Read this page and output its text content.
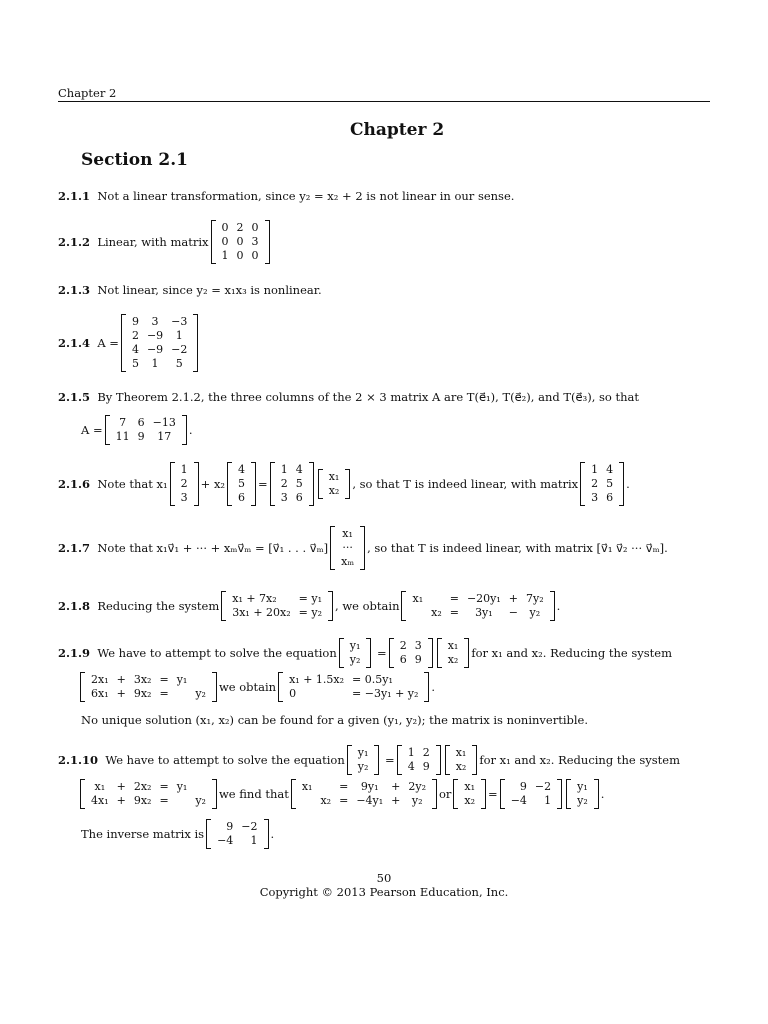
Chapter 2
Chapter 2
Section 2.1
2.1.1
Not a linear transformation, since y₂ = x₂ + 2 is not linear in our sense.
2.1.2
Linear, with matrix
0	2	0
0	0	3
1	0	0
2.1.3
Not linear, since y₂ = x₁x₃ is nonlinear.
2.1.4
A =
9	3	−3
2	−9	1
4	−9	−2
5	1	5
2.1.5
By Theorem 2.1.2, the three columns of the 2 × 3 matrix A are T(e⃗₁), T(e⃗₂), and T(e⃗₃), so that
A =
7	6	−13
11	9	17 .
2.1.6
Note that x₁
1
2
3
+ x₂
4
5
6
=
1	4
2	5
3	6
x₁
x₂ , so that T is indeed linear, with matrix
1	4
2	5
3	6
.
2.1.7
Note that x₁v⃗₁ + ··· + xₘv⃗ₘ = [v⃗₁ . . . v⃗ₘ]
x₁
···
xₘ
, so that T is indeed linear, with matrix [v⃗₁ v⃗₂ ··· v⃗ₘ].
2.1.8
Reducing the system
x₁ + 7x₂	= y₁
3x₁ + 20x₂	= y₂ , we obtain
x₁		=	−20y₁	+	7y₂
	x₂	=	3y₁	−	y₂ .
2.1.9
We have to attempt to solve the equation
y₁
y₂
=
2	3
6	9
x₁
x₂ for x₁ and x₂. Reducing the system
2x₁	+	3x₂	=	y₁	
6x₁	+	9x₂	=		y₂ we obtain
x₁ + 1.5x₂	= 0.5y₁
0	= −3y₁ + y₂ .
No unique solution (x₁, x₂) can be found for a given (y₁, y₂); the matrix is noninvertible.
2.1.10
We have to attempt to solve the equation
y₁
y₂
=
1	2
4	9
x₁
x₂ for x₁ and x₂. Reducing the system
x₁	+	2x₂	=	y₁	
4x₁	+	9x₂	=		y₂ we find that
x₁		=	9y₁	+	2y₂
	x₂	=	−4y₁	+	y₂ or
x₁
x₂ =
9	−2
−4	1
y₁
y₂ .
The inverse matrix is
9	−2
−4	1 .
50
Copyright © 2013 Pearson Education, Inc.
